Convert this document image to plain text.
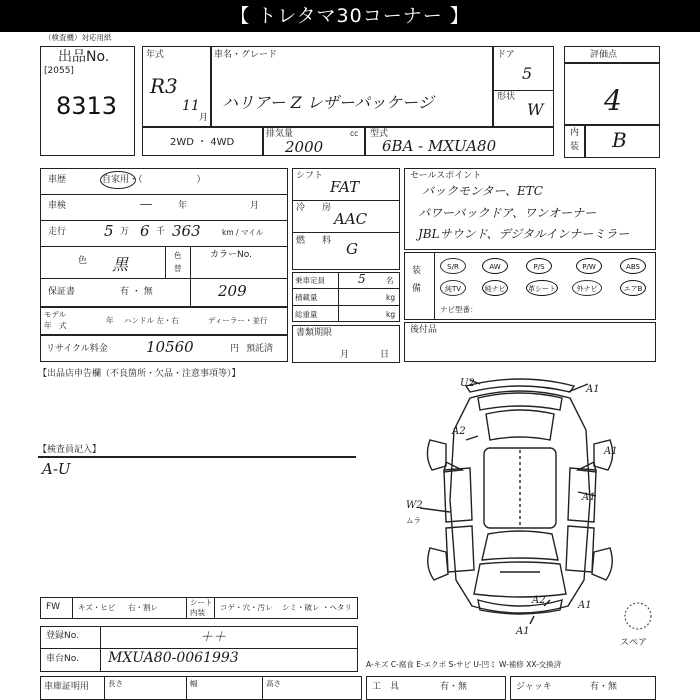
【 トレタマ30コーナー 】
（検査機）対応用紙
出品No.
[2055]
8313
年式
R3
11
月
車名・グレード
ハリアー Z レザーパッケージ
ドア
5
形状
W
2WD ・ 4WD
排気量	cc
2000
型式
6BA - MXUA80
評価点
4
内
装 B
車歴	自家用・（　　　　　　）
車検	―	年	月
走行	5 万 6 千 363	km / マイル
色 黒	色
替
カラーNo.
保証書	有 ・ 無	209
モデル
年　式
年 ハンドル 左・右	ディーラー・並行
リサイクル料金	10560	円 預託済
シフト
FAT
冷 房
AAC
燃 料 G
乗車定員	5	名
積載量	kg
総重量	kg
書類期限
月	日
セールスポイント
バックモンター、ETC
パワーバックドア、ワンオーナー
JBLサウンド、デジタルインナーミラー
装
備
S/R	AW	P/S	P/W	ABS
純TV	純ナビ	革シート	外ナビ	エアB
ナビ型番：
後付品
【出品店申告欄（不良箇所・欠品・注意事項等）】
【検査員記入】
A-U
U2
A1
A2
A1
A1
W2
ムラ
A1
A2
A1
スペア
FW キズ・ヒビ 右・割レ
シート
内装
コゲ・穴・汚レ シミ・破レ ・ヘタリ
登録No.	＋＋
車台No. MXUA80-0061993	A-キズ C-腐食 E-エクボ S-サビ U-凹ミ W-補修 XX-交換済
車庫証明用	長さ	幅	高さ	工　具	有・無	ジャッキ	有・無
